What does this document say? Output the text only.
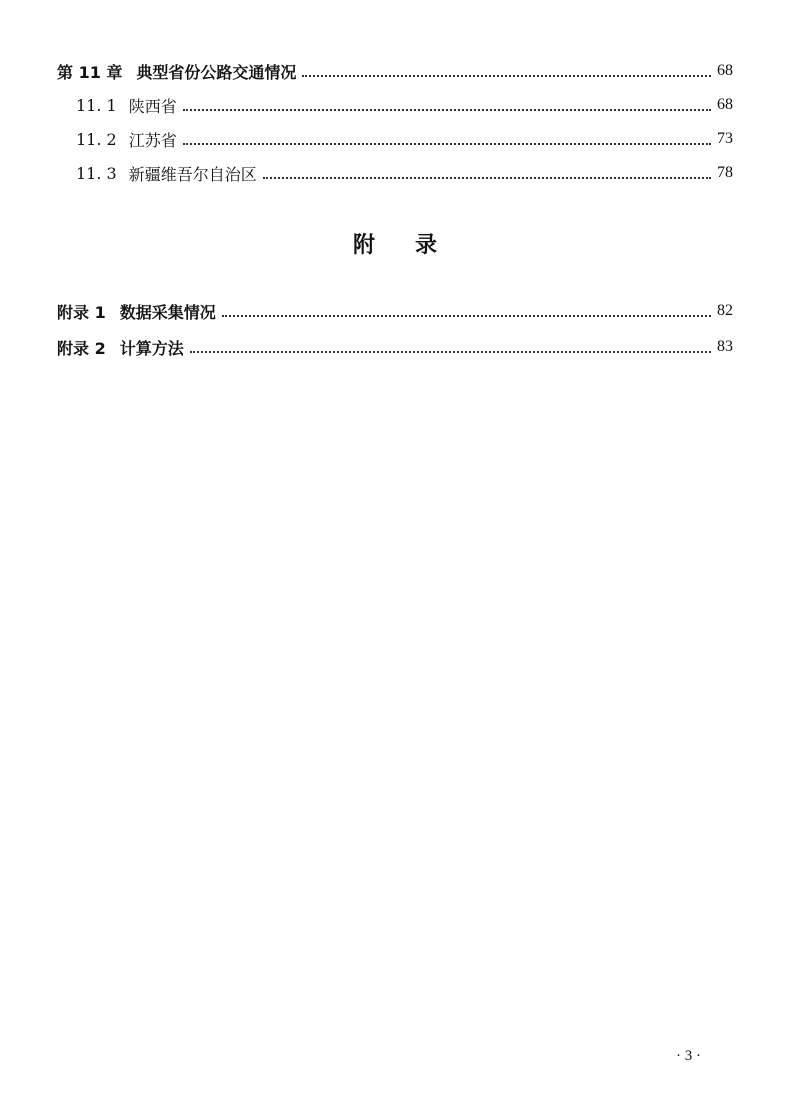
第 11 章 典型省份公路交通情况	68
11. 1 陕西省	68
11. 2 江苏省	73
11. 3 新疆维吾尔自治区	78
附录
附录 1 数据采集情况	82
附录 2 计算方法	83
· 3 ·
